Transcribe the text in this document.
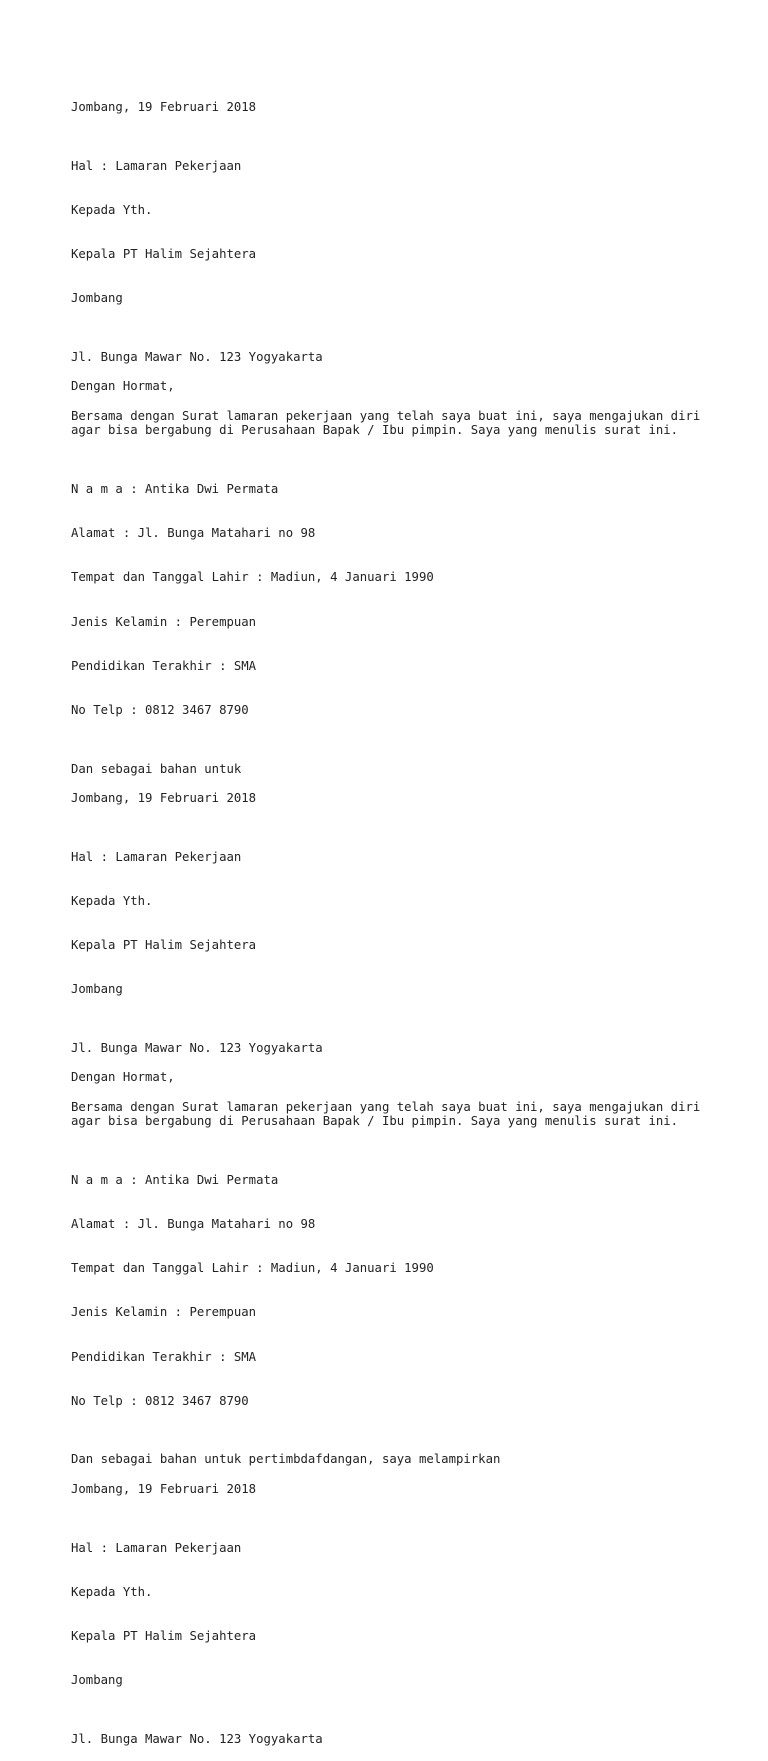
Jombang, 19 Februari 2018

Hal : Lamaran Pekerjaan

Kepada Yth.

Kepala PT Halim Sejahtera

Jombang

Jl. Bunga Mawar No. 123 Yogyakarta

Dengan Hormat,

Bersama dengan Surat lamaran pekerjaan yang telah saya buat ini, saya mengajukan diri agar bisa bergabung di Perusahaan Bapak / Ibu pimpin. Saya yang menulis surat ini.

N a m a : Antika Dwi Permata

Alamat : Jl. Bunga Matahari no 98

Tempat dan Tanggal Lahir : Madiun, 4 Januari 1990

Jenis Kelamin : Perempuan

Pendidikan Terakhir : SMA

No Telp : 0812 3467 8790

Dan sebagai bahan untuk

Jombang, 19 Februari 2018

Hal : Lamaran Pekerjaan

Kepada Yth.

Kepala PT Halim Sejahtera

Jombang

Jl. Bunga Mawar No. 123 Yogyakarta

Dengan Hormat,

Bersama dengan Surat lamaran pekerjaan yang telah saya buat ini, saya mengajukan diri agar bisa bergabung di Perusahaan Bapak / Ibu pimpin. Saya yang menulis surat ini.

N a m a : Antika Dwi Permata

Alamat : Jl. Bunga Matahari no 98

Tempat dan Tanggal Lahir : Madiun, 4 Januari 1990

Jenis Kelamin : Perempuan

Pendidikan Terakhir : SMA

No Telp : 0812 3467 8790

Dan sebagai bahan untuk pertimbdafdangan, saya melampirkan

Jombang, 19 Februari 2018

Hal : Lamaran Pekerjaan

Kepada Yth.

Kepala PT Halim Sejahtera

Jombang

Jl. Bunga Mawar No. 123 Yogyakarta
